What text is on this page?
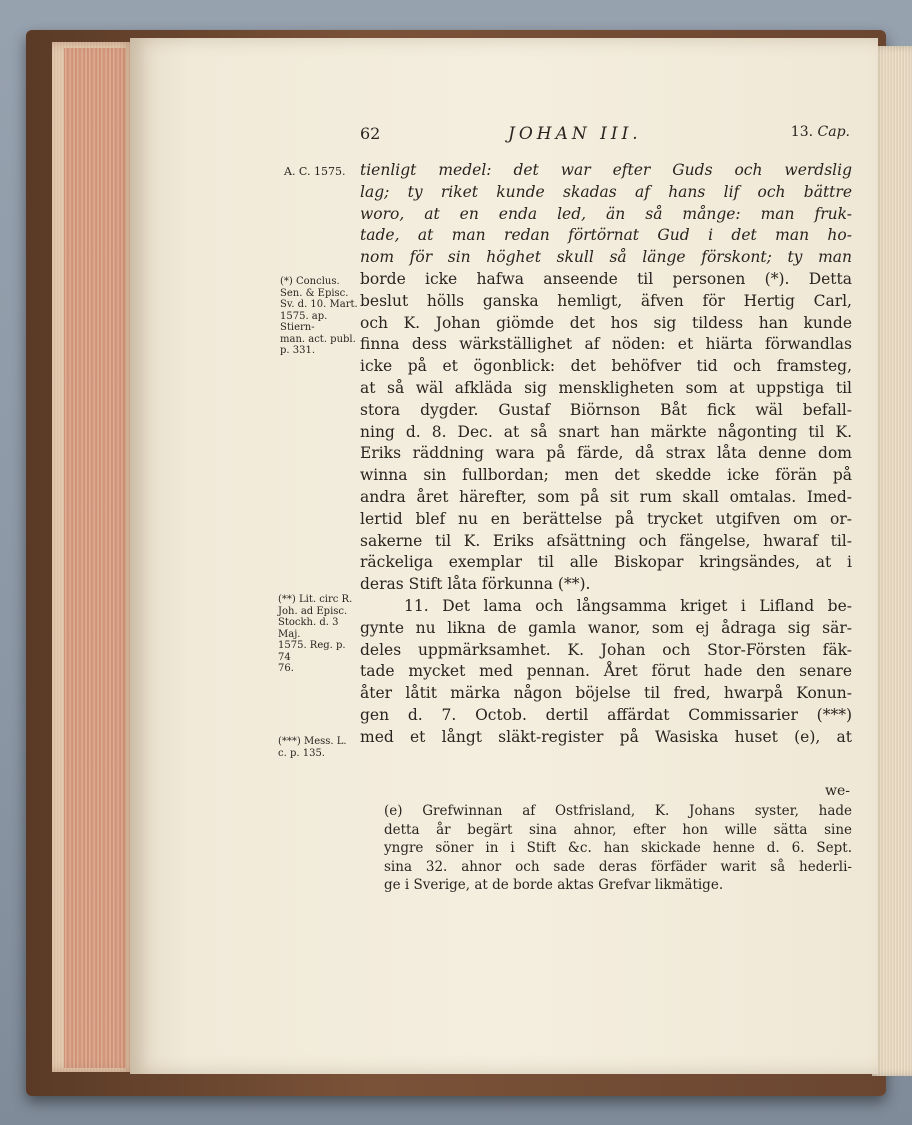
62	JOHAN III.	13. Cap.
A. C. 1575.
(*) Conclus.
Sen. & Episc.
Sv. d. 10. Mart.
1575. ap. Stiern-
man. act. publ.
p. 331.
(**) Lit. circ R.
Joh. ad Episc.
Stockh. d. 3 Maj.
1575. Reg. p. 74
76.
(***) Mess. L.
c. p. 135.
tienligt medel: det war efter Guds och werdslig
lag; ty riket kunde skadas af hans lif och bättre
woro, at en enda led, än så månge: man fruk-
tade, at man redan förtörnat Gud i det man ho-
nom för sin höghet skull så länge förskont; ty man
borde icke hafwa anseende til personen (*). Detta
beslut hölls ganska hemligt, äfven för Hertig Carl,
och K. Johan giömde det hos sig tildess han kunde
finna dess wärkställighet af nöden: et hiärta förwandlas
icke på et ögonblick: det behöfver tid och framsteg,
at så wäl afkläda sig menskligheten som at uppstiga til
stora dygder. Gustaf Biörnson Båt fick wäl befall-
ning d. 8. Dec. at så snart han märkte någonting til K.
Eriks räddning wara på färde, då strax låta denne dom
winna sin fullbordan; men det skedde icke förän på
andra året härefter, som på sit rum skall omtalas. Imed-
lertid blef nu en berättelse på trycket utgifven om or-
sakerne til K. Eriks afsättning och fängelse, hwaraf til-
räckeliga exemplar til alle Biskopar kringsändes, at i
deras Stift låta förkunna (**).
11. Det lama och långsamma kriget i Lifland be-
gynte nu likna de gamla wanor, som ej ådraga sig sär-
deles uppmärksamhet. K. Johan och Stor-Försten fäk-
tade mycket med pennan. Året förut hade den senare
åter låtit märka någon böjelse til fred, hwarpå Konun-
gen d. 7. Octob. dertil affärdat Commissarier (***)
med et långt släkt-register på Wasiska huset (e), at
we-
(e) Grefwinnan af Ostfrisland, K. Johans syster, hade
detta år begärt sina ahnor, efter hon wille sätta sine
yngre söner in i Stift &c. han skickade henne d. 6. Sept.
sina 32. ahnor och sade deras förfäder warit så hederli-
ge i Sverige, at de borde aktas Grefvar likmätige.
